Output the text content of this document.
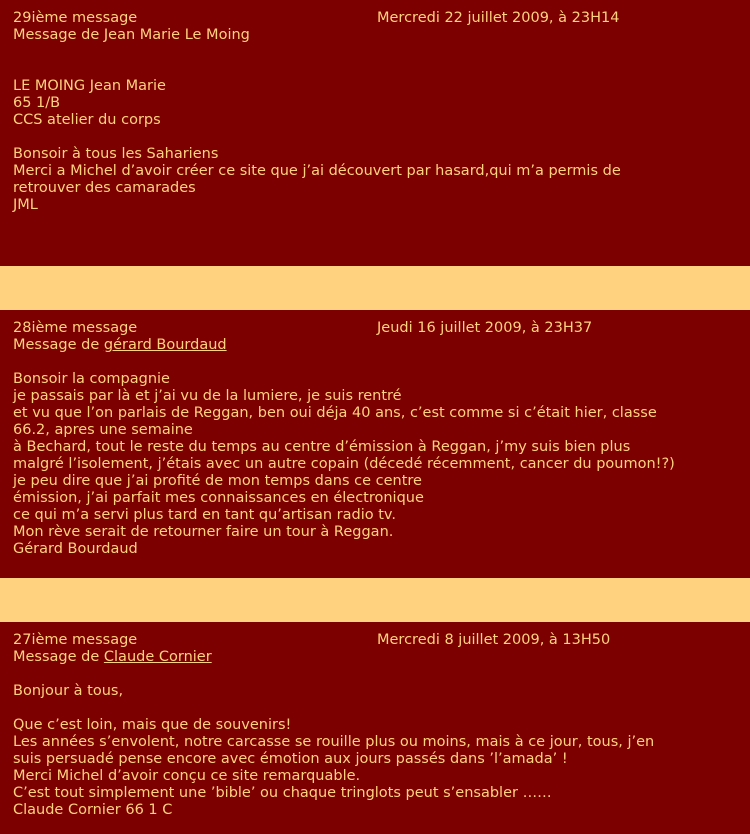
29ième message	Mercredi 22 juillet 2009, à 23H14
Message de Jean Marie Le Moing
LE MOING Jean Marie
65 1/B
CCS atelier du corps
Bonsoir à tous les Sahariens
Merci a Michel d’avoir créer ce site que j’ai découvert par hasard,qui m’a permis de
retrouver des camarades
JML
28ième message	Jeudi 16 juillet 2009, à 23H37
Message de gérard Bourdaud
Bonsoir la compagnie
je passais par là et j’ai vu de la lumiere, je suis rentré
et vu que l’on parlais de Reggan, ben oui déja 40 ans, c’est comme si c’était hier, classe
66.2, apres une semaine
à Bechard, tout le reste du temps au centre d’émission à Reggan, j’my suis bien plus
malgré l’isolement, j’étais avec un autre copain (décedé récemment, cancer du poumon!?)
je peu dire que j’ai profité de mon temps dans ce centre
émission, j’ai parfait mes connaissances en électronique
ce qui m’a servi plus tard en tant qu’artisan radio tv.
Mon rève serait de retourner faire un tour à Reggan.
Gérard Bourdaud
27ième message	Mercredi 8 juillet 2009, à 13H50
Message de Claude Cornier
Bonjour à tous,
Que c’est loin, mais que de souvenirs!
Les années s’envolent, notre carcasse se rouille plus ou moins, mais à ce jour, tous, j’en
suis persuadé pense encore avec émotion aux jours passés dans ’l’amada’ !
Merci Michel d’avoir conçu ce site remarquable.
C’est tout simplement une ’bible’ ou chaque tringlots peut s’ensabler ……
Claude Cornier 66 1 C
